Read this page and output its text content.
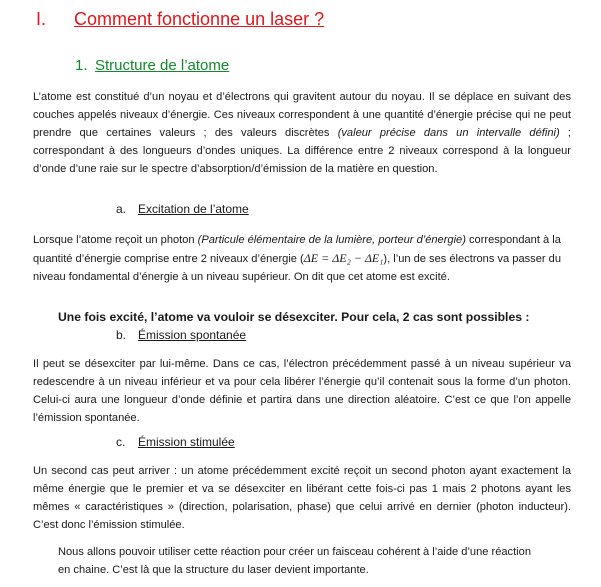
I. Comment fonctionne un laser ?
1. Structure de l’atome
L’atome est constitué d’un noyau et d’électrons qui gravitent autour du noyau. Il se déplace en suivant des couches appelés niveaux d’énergie. Ces niveaux correspondent à une quantité d’énergie précise qui ne peut prendre que certaines valeurs ; des valeurs discrètes (valeur précise dans un intervalle défini) ; correspondant à des longueurs d’ondes uniques. La différence entre 2 niveaux correspond à la longueur d’onde d’une raie sur le spectre d’absorption/d’émission de la matière en question.
a. Excitation de l’atome
Lorsque l’atome reçoit un photon (Particule élémentaire de la lumière, porteur d’énergie) correspondant à la quantité d’énergie comprise entre 2 niveaux d’énergie (ΔE = ΔE₂ − ΔE₁), l’un de ses électrons va passer du niveau fondamental d’énergie à un niveau supérieur. On dit que cet atome est excité.
Une fois excité, l’atome va vouloir se désexciter. Pour cela, 2 cas sont possibles :
b. Émission spontanée
Il peut se désexciter par lui-même. Dans ce cas, l’électron précédemment passé à un niveau supérieur va redescendre à un niveau inférieur et va pour cela libérer l’énergie qu’il contenait sous la forme d’un photon. Celui-ci aura une longueur d’onde définie et partira dans une direction aléatoire. C’est ce que l’on appelle l’émission spontanée.
c. Émission stimulée
Un second cas peut arriver : un atome précédemment excité reçoit un second photon ayant exactement la même énergie que le premier et va se désexciter en libérant cette fois-ci pas 1 mais 2 photons ayant les mêmes « caractéristiques » (direction, polarisation, phase) que celui arrivé en dernier (photon inducteur). C’est donc l’émission stimulée.
Nous allons pouvoir utiliser cette réaction pour créer un faisceau cohérent à l’aide d’une réaction en chaine. C’est là que la structure du laser devient importante.
